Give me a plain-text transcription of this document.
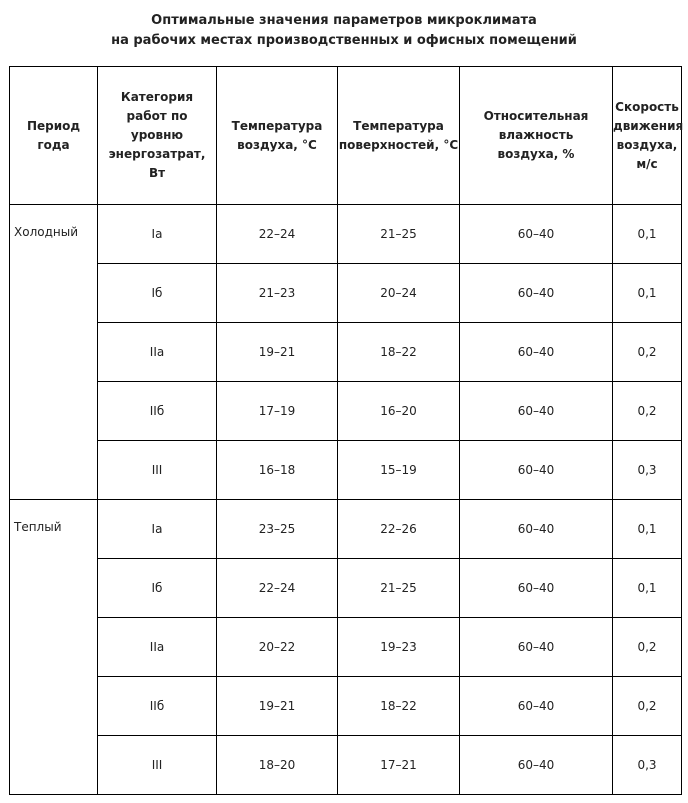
Оптимальные значения параметров микроклимата
на рабочих местах производственных и офисных помещений
Период
года	Категория
работ по
уровню
энергозатрат,
Вт	Температура
воздуха, °С	Температура
поверхностей, °С	Относительная
влажность
воздуха, %	Скорость
движения
воздуха, м/с

Холодный	Iа	22–24	21–25	60–40	0,1
	Iб	21–23	20–24	60–40	0,1
	IIа	19–21	18–22	60–40	0,2
	IIб	17–19	16–20	60–40	0,2
	III	16–18	15–19	60–40	0,3
Теплый	Iа	23–25	22–26	60–40	0,1
	Iб	22–24	21–25	60–40	0,1
	IIа	20–22	19–23	60–40	0,2
	IIб	19–21	18–22	60–40	0,2
	III	18–20	17–21	60–40	0,3
